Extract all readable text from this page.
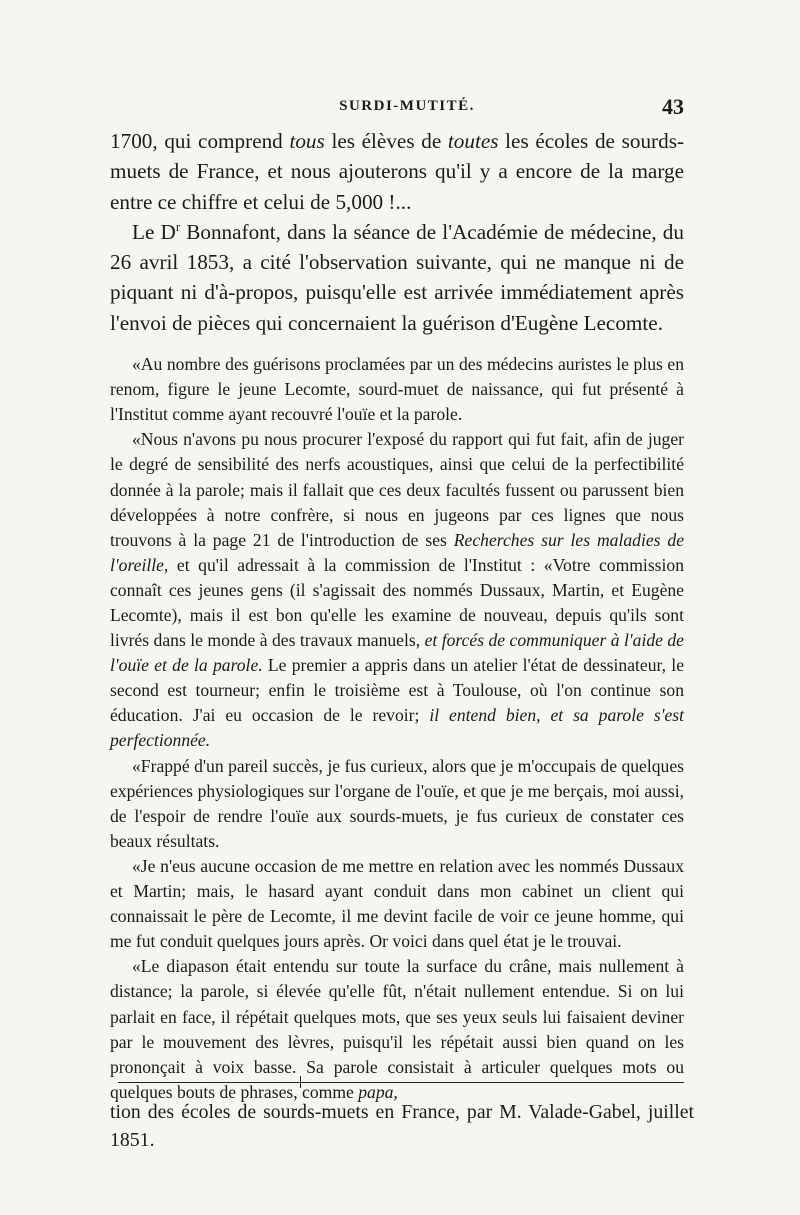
SURDI-MUTITÉ.	43

1700, qui comprend tous les élèves de toutes les écoles de sourds-muets de France, et nous ajouterons qu'il y a encore de la marge entre ce chiffre et celui de 5,000 !...

Le $D^r$ Bonnafont, dans la séance de l'Académie de médecine, du 26 avril 1853, a cité l'observation suivante, qui ne manque ni de piquant ni d'à-propos, puisqu'elle est arrivée immédiatement après l'envoi de pièces qui concernaient la guérison d'Eugène Lecomte.

«Au nombre des guérisons proclamées par un des médecins auristes le plus en renom, figure le jeune Lecomte, sourd-muet de naissance, qui fut présenté à l'Institut comme ayant recouvré l'ouïe et la parole.

«Nous n'avons pu nous procurer l'exposé du rapport qui fut fait, afin de juger le degré de sensibilité des nerfs acoustiques, ainsi que celui de la perfectibilité donnée à la parole; mais il fallait que ces deux facultés fussent ou parussent bien développées à notre confrère, si nous en jugeons par ces lignes que nous trouvons à la page 21 de l'introduction de ses Recherches sur les maladies de l'oreille, et qu'il adressait à la commission de l'Institut : «Votre commission connaît ces jeunes gens (il s'agissait des nommés Dussaux, Martin, et Eugène Lecomte), mais il est bon qu'elle les examine de nouveau, depuis qu'ils sont livrés dans le monde à des travaux manuels, et forcés de communiquer à l'aide de l'ouïe et de la parole. Le premier a appris dans un atelier l'état de dessinateur, le second est tourneur; enfin le troisième est à Toulouse, où l'on continue son éducation. J'ai eu occasion de le revoir; il entend bien, et sa parole s'est perfectionnée.

«Frappé d'un pareil succès, je fus curieux, alors que je m'occupais de quelques expériences physiologiques sur l'organe de l'ouïe, et que je me berçais, moi aussi, de l'espoir de rendre l'ouïe aux sourds-muets, je fus curieux de constater ces beaux résultats.

«Je n'eus aucune occasion de me mettre en relation avec les nommés Dussaux et Martin; mais, le hasard ayant conduit dans mon cabinet un client qui connaissait le père de Lecomte, il me devint facile de voir ce jeune homme, qui me fut conduit quelques jours après. Or voici dans quel état je le trouvai.

«Le diapason était entendu sur toute la surface du crâne, mais nullement à distance; la parole, si élevée qu'elle fût, n'était nullement entendue. Si on lui parlait en face, il répétait quelques mots, que ses yeux seuls lui faisaient deviner par le mouvement des lèvres, puisqu'il les répétait aussi bien quand on les prononçait à voix basse. Sa parole consistait à articuler quelques mots ou quelques bouts de phrases, comme papa,

tion des écoles de sourds-muets en France, par M. Valade-Gabel, juillet 1851.
